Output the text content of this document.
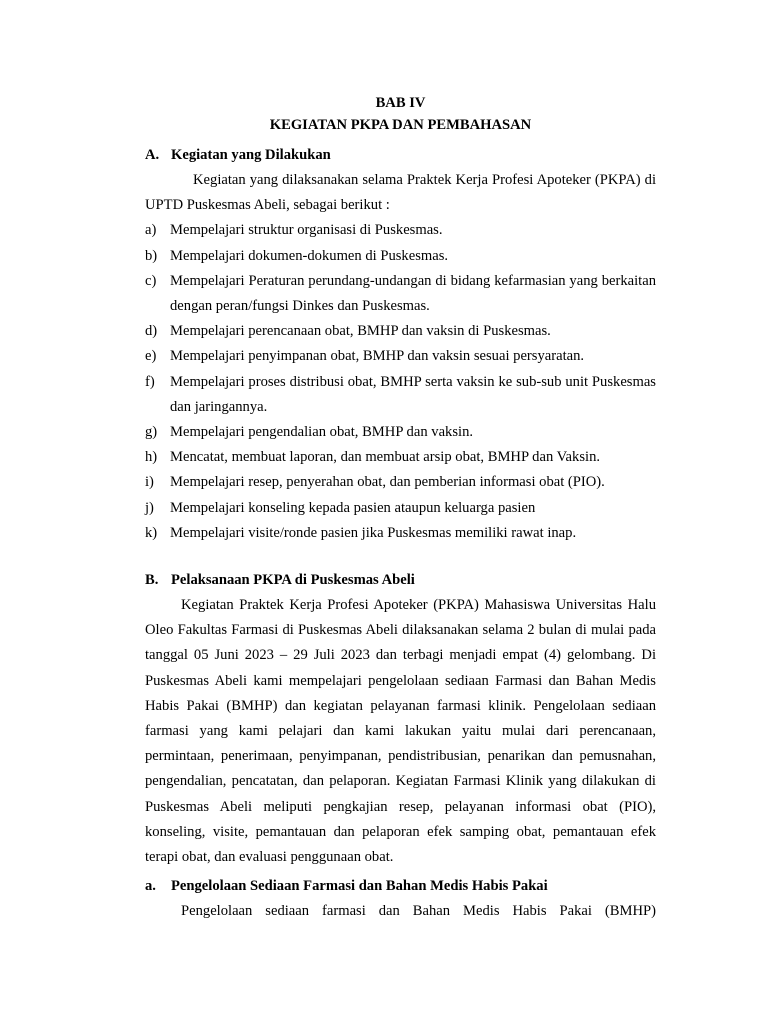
BAB IV
KEGIATAN PKPA DAN PEMBAHASAN
A. Kegiatan yang Dilakukan

Kegiatan yang dilaksanakan selama Praktek Kerja Profesi Apoteker (PKPA) di UPTD Puskesmas Abeli, sebagai berikut :

a) Mempelajari struktur organisasi di Puskesmas.
b) Mempelajari dokumen-dokumen di Puskesmas.
c) Mempelajari Peraturan perundang-undangan di bidang kefarmasian yang berkaitan dengan peran/fungsi Dinkes dan Puskesmas.
d) Mempelajari perencanaan obat, BMHP dan vaksin di Puskesmas.
e) Mempelajari penyimpanan obat, BMHP dan vaksin sesuai persyaratan.
f)	Mempelajari proses distribusi obat, BMHP serta vaksin ke sub-sub unit Puskesmas dan jaringannya.
g) Mempelajari pengendalian obat, BMHP dan vaksin.
h) Mencatat, membuat laporan, dan membuat arsip obat, BMHP dan Vaksin.
i)	Mempelajari resep, penyerahan obat, dan pemberian informasi obat (PIO).
j)	Mempelajari konseling kepada pasien ataupun keluarga pasien
k) Mempelajari visite/ronde pasien jika Puskesmas memiliki rawat inap.
B. Pelaksanaan PKPA di Puskesmas Abeli

Kegiatan Praktek Kerja Profesi Apoteker (PKPA) Mahasiswa Universitas Halu Oleo Fakultas Farmasi di Puskesmas Abeli dilaksanakan selama 2 bulan di mulai pada tanggal 05 Juni 2023 – 29 Juli 2023 dan terbagi menjadi empat (4) gelombang. Di Puskesmas Abeli kami mempelajari pengelolaan sediaan Farmasi dan Bahan Medis Habis Pakai (BMHP) dan kegiatan pelayanan farmasi klinik. Pengelolaan sediaan farmasi yang kami pelajari dan kami lakukan yaitu mulai dari perencanaan, permintaan, penerimaan, penyimpanan, pendistribusian, penarikan dan pemusnahan, pengendalian, pencatatan, dan pelaporan. Kegiatan Farmasi Klinik yang dilakukan di Puskesmas Abeli meliputi pengkajian resep, pelayanan informasi obat (PIO), konseling, visite, pemantauan dan pelaporan efek samping obat, pemantauan efek terapi obat, dan evaluasi penggunaan obat.

a.	Pengelolaan Sediaan Farmasi dan Bahan Medis Habis Pakai

Pengelolaan sediaan farmasi dan Bahan Medis Habis Pakai (BMHP)
